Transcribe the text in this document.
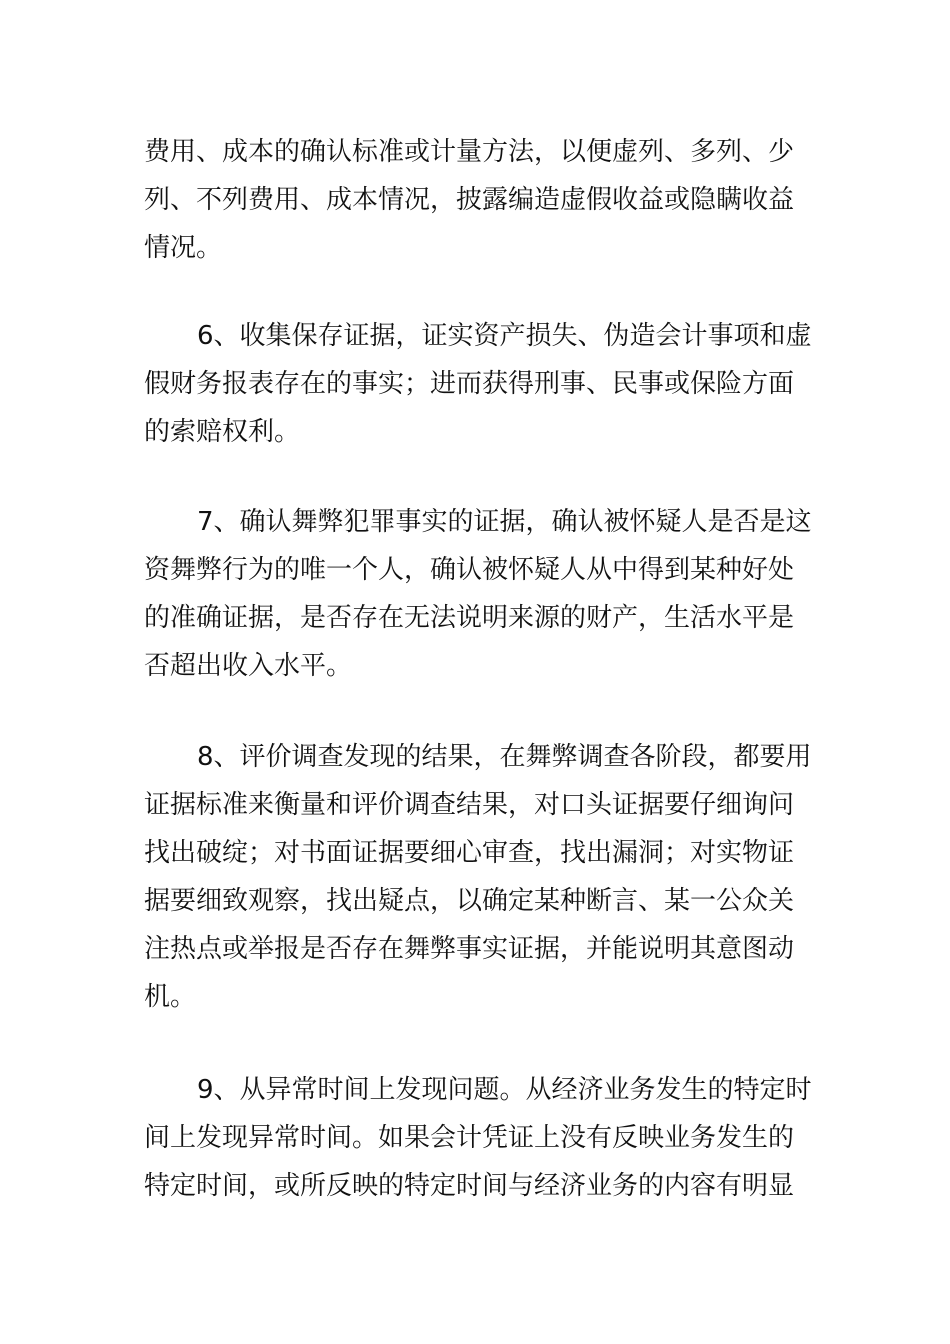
费用、成本的确认标准或计量方法，以便虚列、多列、少
列、不列费用、成本情况，披露编造虚假收益或隐瞒收益
情况。

6、收集保存证据，证实资产损失、伪造会计事项和虚
假财务报表存在的事实；进而获得刑事、民事或保险方面
的索赔权利。

7、确认舞弊犯罪事实的证据，确认被怀疑人是否是这
资舞弊行为的唯一个人，确认被怀疑人从中得到某种好处
的准确证据，是否存在无法说明来源的财产，生活水平是
否超出收入水平。

8、评价调查发现的结果，在舞弊调查各阶段，都要用
证据标准来衡量和评价调查结果，对口头证据要仔细询问
找出破绽；对书面证据要细心审查，找出漏洞；对实物证
据要细致观察，找出疑点，以确定某种断言、某一公众关
注热点或举报是否存在舞弊事实证据，并能说明其意图动
机。

9、从异常时间上发现问题。从经济业务发生的特定时
间上发现异常时间。如果会计凭证上没有反映业务发生的
特定时间，或所反映的特定时间与经济业务的内容有明显
